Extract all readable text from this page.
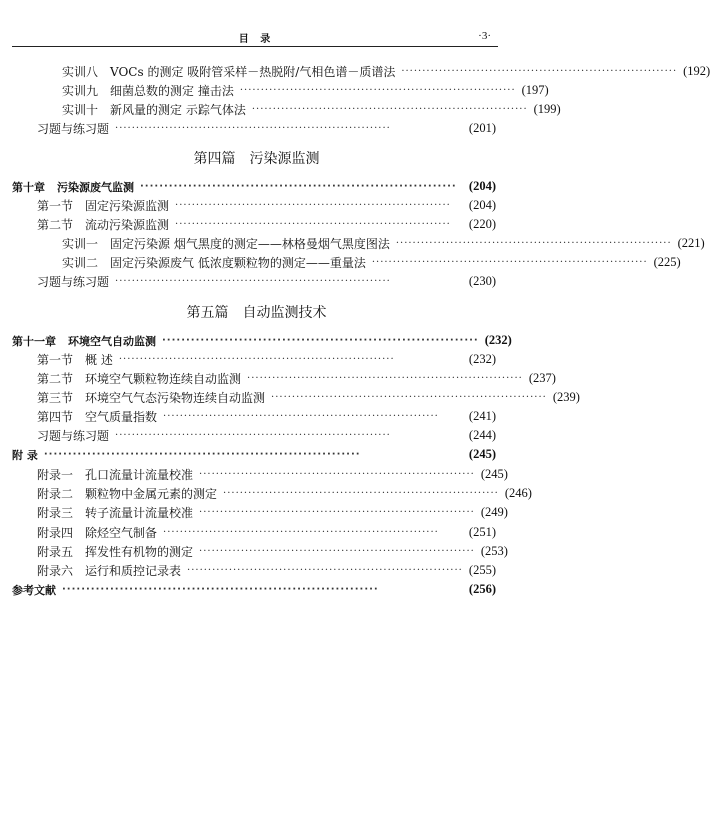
目 录	·3·
实训八 VOCs 的测定 吸附管采样－热脱附/气相色谱－质谱法 ·································································· (192)
实训九 细菌总数的测定 撞击法 ·································································· (197)
实训十 新风量的测定 示踪气体法 ·································································· (199)
习题与练习题 ··································································	(201)
第四篇 污染源监测
第十章 污染源废气监测 ·································································· (204)
第一节 固定污染源监测 ··································································	(204)
第二节 流动污染源监测 ··································································	(220)
实训一 固定污染源 烟气黑度的测定——林格曼烟气黑度图法 ·································································· (221)
实训二 固定污染源废气 低浓度颗粒物的测定——重量法 ·································································· (225)
习题与练习题 ··································································	(230)
第五篇 自动监测技术
第十一章 环境空气自动监测 ·································································· (232)
第一节 概 述 ··································································	(232)
第二节 环境空气颗粒物连续自动监测 ·································································· (237)
第三节 环境空气气态污染物连续自动监测 ·································································· (239)
第四节 空气质量指数 ··································································	(241)
习题与练习题 ··································································	(244)
附 录 ··································································	(245)
附录一 孔口流量计流量校准 ·································································· (245)
附录二 颗粒物中金属元素的测定 ·································································· (246)
附录三 转子流量计流量校准 ·································································· (249)
附录四 除烃空气制备 ··································································	(251)
附录五 挥发性有机物的测定 ·································································· (253)
附录六 运行和质控记录表 ·································································· (255)
参考文献 ··································································	(256)
